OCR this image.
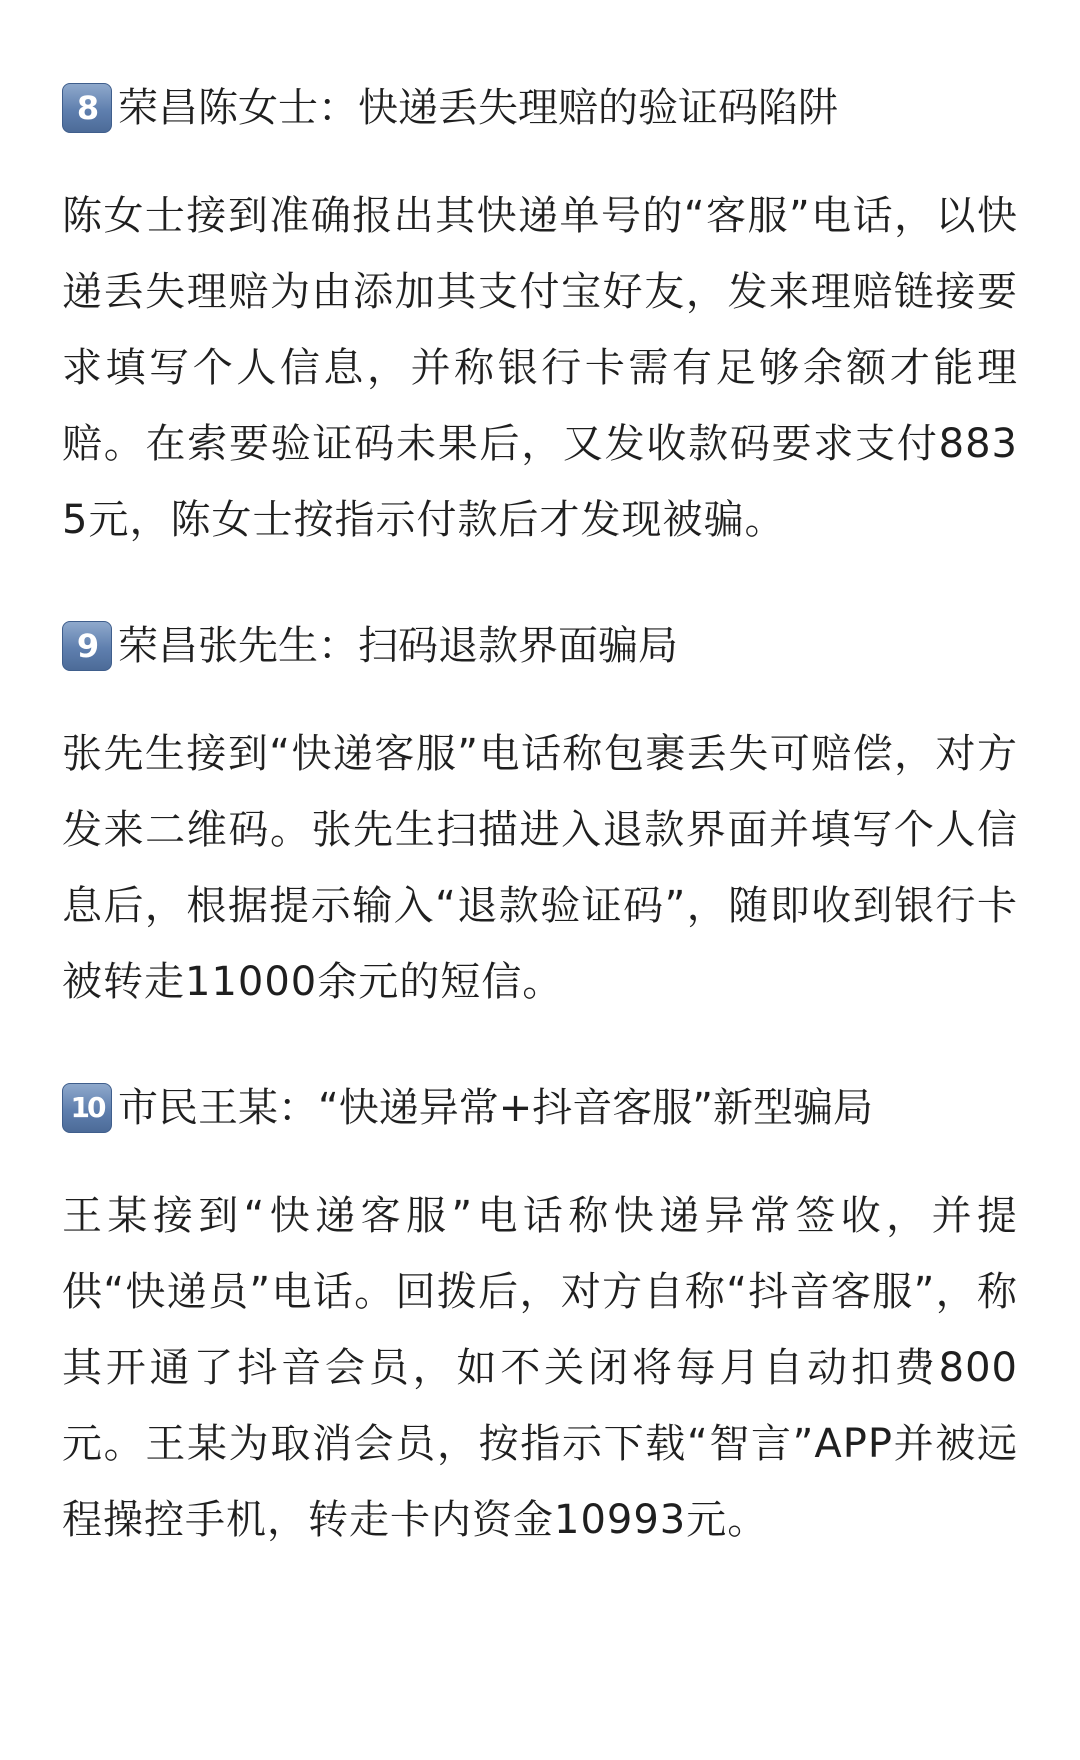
8 荣昌陈女士：快递丢失理赔的验证码陷阱

陈女士接到准确报出其快递单号的“客服”电话，以快递丢失理赔为由添加其支付宝好友，发来理赔链接要求填写个人信息，并称银行卡需有足够余额才能理赔。在索要验证码未果后，又发收款码要求支付8835元，陈女士按指示付款后才发现被骗。

9 荣昌张先生：扫码退款界面骗局

张先生接到“快递客服”电话称包裹丢失可赔偿，对方发来二维码。张先生扫描进入退款界面并填写个人信息后，根据提示输入“退款验证码”，随即收到银行卡被转走11000余元的短信。

10 市民王某：“快递异常+抖音客服”新型骗局

王某接到“快递客服”电话称快递异常签收，并提供“快递员”电话。回拨后，对方自称“抖音客服”，称其开通了抖音会员，如不关闭将每月自动扣费800元。王某为取消会员，按指示下载“智言”APP并被远程操控手机，转走卡内资金10993元。
